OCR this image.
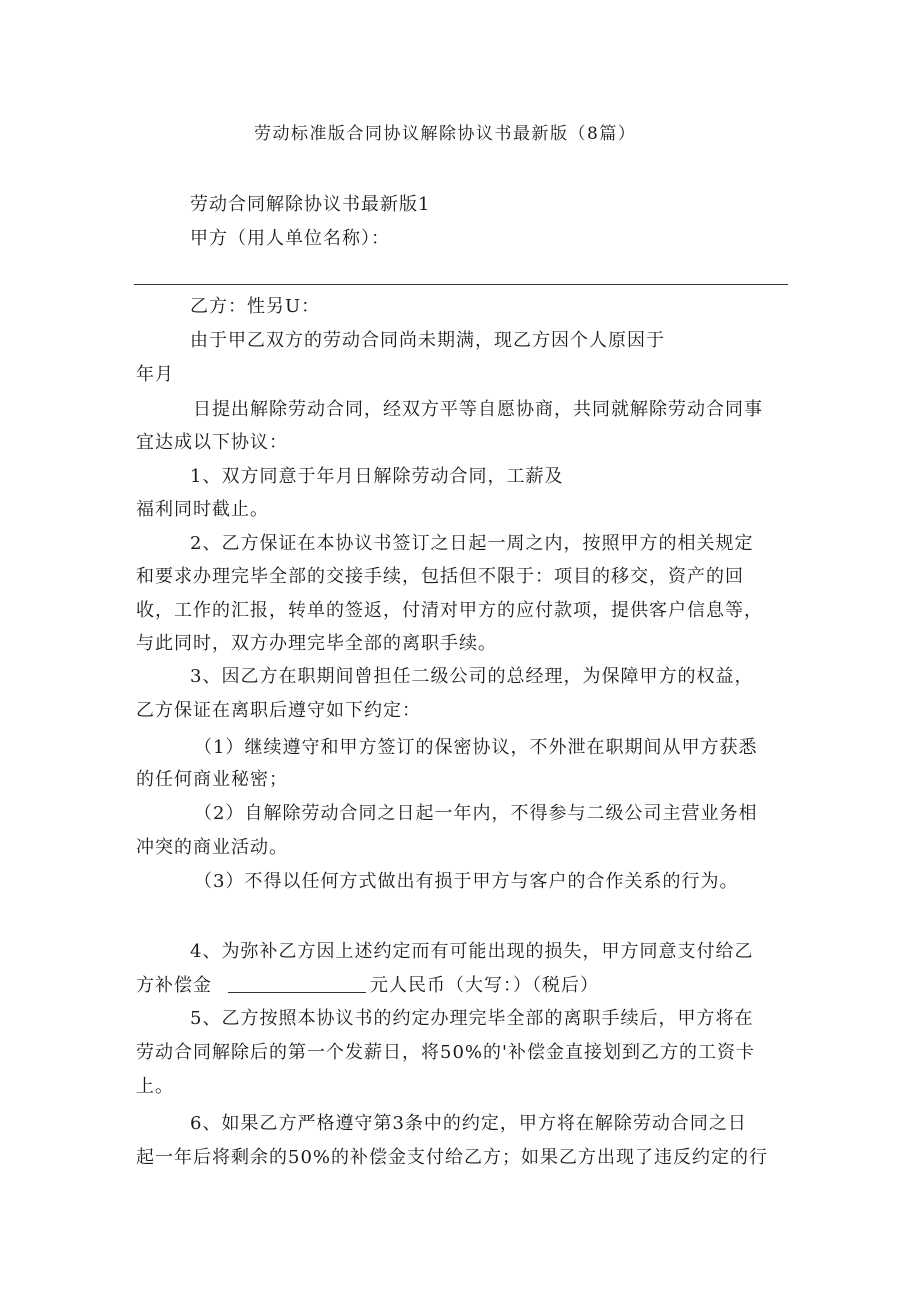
劳动标准版合同协议解除协议书最新版（8篇）
劳动合同解除协议书最新版1
甲方（用人单位名称）：
乙方：性另U：
由于甲乙双方的劳动合同尚未期满，现乙方因个人原因于
年月
日提出解除劳动合同，经双方平等自愿协商，共同就解除劳动合同事
宜达成以下协议：
1、双方同意于年月日解除劳动合同，工薪及
福利同时截止。
2、乙方保证在本协议书签订之日起一周之内，按照甲方的相关规定
和要求办理完毕全部的交接手续，包括但不限于：项目的移交，资产的回
收，工作的汇报，转单的签返，付清对甲方的应付款项，提供客户信息等，
与此同时，双方办理完毕全部的离职手续。
3、因乙方在职期间曾担任二级公司的总经理，为保障甲方的权益，
乙方保证在离职后遵守如下约定：
（1）继续遵守和甲方签订的保密协议，不外泄在职期间从甲方获悉
的任何商业秘密；
（2）自解除劳动合同之日起一年内，不得参与二级公司主营业务相
冲突的商业活动。
（3）不得以任何方式做出有损于甲方与客户的合作关系的行为。
4、为弥补乙方因上述约定而有可能出现的损失，甲方同意支付给乙
方补偿金	元人民币（大写：）（税后）
5、乙方按照本协议书的约定办理完毕全部的离职手续后，甲方将在
劳动合同解除后的第一个发薪日，将50%的'补偿金直接划到乙方的工资卡
上。
6、如果乙方严格遵守第3条中的约定，甲方将在解除劳动合同之日
起一年后将剩余的50%的补偿金支付给乙方；如果乙方出现了违反约定的行
